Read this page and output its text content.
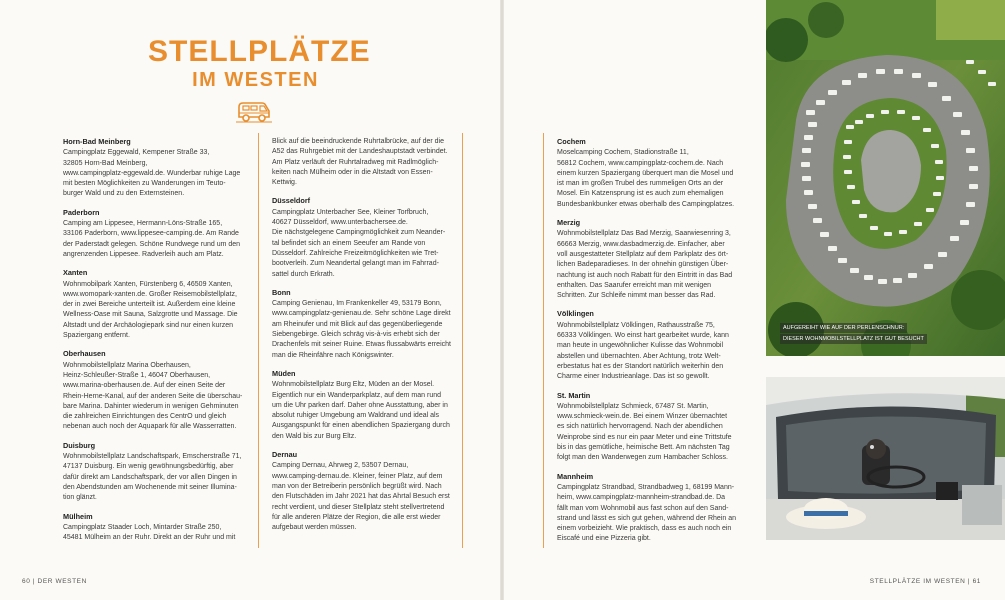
STELLPLÄTZE
IM WESTEN
Horn-Bad Meinberg

Campingplatz Eggewald, Kempener Straße 33,
32805 Horn-Bad Meinberg,
www.campingplatz-eggewald.de. Wunderbar ruhige Lage
mit besten Möglichkeiten zu Wanderungen im Teuto-
burger Wald und zu den Externsteinen.

Paderborn

Camping am Lippesee, Hermann-Löns-Straße 165,
33106 Paderborn, www.lippesee-camping.de. Am Rande
der Paderstadt gelegen. Schöne Rundwege rund um den
angrenzenden Lippesee. Radverleih auch am Platz.

Xanten

Wohnmobilpark Xanten, Fürstenberg 6, 46509 Xanten,
www.womopark-xanten.de. Großer Reisemobilstellplatz,
der in zwei Bereiche unterteilt ist. Außerdem eine kleine
Wellness-Oase mit Sauna, Salzgrotte und Massage. Die
Altstadt und der Archäologiepark sind nur einen kurzen
Spaziergang entfernt.

Oberhausen

Wohnmobilstellplatz Marina Oberhausen,
Heinz-Schleußer-Straße 1, 46047 Oberhausen,
www.marina-oberhausen.de. Auf der einen Seite der
Rhein-Herne-Kanal, auf der anderen Seite die überschau-
bare Marina. Dahinter wiederum in wenigen Gehminuten
die zahlreichen Einrichtungen des CentrO und gleich
nebenan auch noch der Aquapark für alle Wasserratten.

Duisburg

Wohnmobilstellplatz Landschaftspark, Emscherstraße 71,
47137 Duisburg. Ein wenig gewöhnungsbedürftig, aber
dafür direkt am Landschaftspark, der vor allen Dingen in
den Abendstunden am Wochenende mit seiner Illumina-
tion glänzt.

Mülheim

Campingplatz Staader Loch, Mintarder Straße 250,
45481 Mülheim an der Ruhr. Direkt an der Ruhr und mit

Blick auf die beeindruckende Ruhrtalbrücke, auf der die
A52 das Ruhrgebiet mit der Landeshauptstadt verbindet.
Am Platz verläuft der Ruhrtalradweg mit Radlmöglich-
keiten nach Mülheim oder in die Altstadt von Essen-
Kettwig.

Düsseldorf

Campingplatz Unterbacher See, Kleiner Torfbruch,
40627 Düsseldorf, www.unterbachersee.de.
Die nächstgelegene Campingmöglichkeit zum Neander-
tal befindet sich an einem Seeufer am Rande von
Düsseldorf. Zahlreiche Freizeitmöglichkeiten wie Tret-
bootverleih. Zum Neandertal gelangt man im Fahrrad-
sattel durch Erkrath.

Bonn

Camping Genienau, Im Frankenkeller 49, 53179 Bonn,
www.campingplatz-genienau.de. Sehr schöne Lage direkt
am Rheinufer und mit Blick auf das gegenüberliegende
Siebengebirge. Gleich schräg vis-à-vis erhebt sich der
Drachenfels mit seiner Ruine. Etwas flussabwärts erreicht
man die Rheinfähre nach Königswinter.

Müden

Wohnmobilstellplatz Burg Eltz, Müden an der Mosel.
Eigentlich nur ein Wanderparkplatz, auf dem man rund
um die Uhr parken darf. Daher ohne Ausstattung, aber in
absolut ruhiger Umgebung am Waldrand und ideal als
Ausgangspunkt für einen abendlichen Spaziergang durch
den Wald bis zur Burg Eltz.

Dernau

Camping Dernau, Ahrweg 2, 53507 Dernau,
www.camping-dernau.de. Kleiner, feiner Platz, auf dem
man von der Betreiberin persönlich begrüßt wird. Nach
den Flutschäden im Jahr 2021 hat das Ahrtal Besuch erst
recht verdient, und dieser Stellplatz steht stellvertretend
für alle anderen Plätze der Region, die alle erst wieder
aufgebaut werden müssen.

Cochem

Moselcamping Cochem, Stadionstraße 11,
56812 Cochem, www.campingplatz-cochem.de. Nach
einem kurzen Spaziergang überquert man die Mosel und
ist man im großen Trubel des rummeligen Orts an der
Mosel. Ein Katzensprung ist es auch zum ehemaligen
Bundesbankbunker etwas oberhalb des Campingplatzes.

Merzig

Wohnmobilstellplatz Das Bad Merzig, Saarwiesenring 3,
66663 Merzig, www.dasbadmerzig.de. Einfacher, aber
voll ausgestatteter Stellplatz auf dem Parkplatz des ört-
lichen Badeparadieses. In der ohnehin günstigen Über-
nachtung ist auch noch Rabatt für den Eintritt in das Bad
enthalten. Das Saarufer erreicht man mit wenigen
Schritten. Zur Schleife nimmt man besser das Rad.

Völklingen

Wohnmobilstellplatz Völklingen, Rathausstraße 75,
66333 Völklingen. Wo einst hart gearbeitet wurde, kann
man heute in ungewöhnlicher Kulisse das Wohnmobil
abstellen und übernachten. Aber Achtung, trotz Welt-
erbestatus hat es der Standort natürlich weiterhin den
Charme einer Industrieanlage. Das ist so gewollt.

St. Martin

Wohnmobilstellplatz Schmieck, 67487 St. Martin,
www.schmieck-wein.de. Bei einem Winzer übernachtet
es sich natürlich hervorragend. Nach der abendlichen
Weinprobe sind es nur ein paar Meter und eine Trittstufe
bis in das gemütliche, heimische Bett. Am nächsten Tag
folgt man den Wanderwegen zum Hambacher Schloss.

Mannheim

Campingplatz Strandbad, Strandbadweg 1, 68199 Mann-
heim, www.campingplatz-mannheim-strandbad.de. Da
fällt man vom Wohnmobil aus fast schon auf den Sand-
strand und lässt es sich gut gehen, während der Rhein an
einem vorbeizieht. Wie praktisch, dass es auch noch ein
Eiscafé und eine Pizzeria gibt.

AUFGEREIHT WIE AUF DER PERLENSCHNUR:
DIESER WOHNMOBILSTELLPLATZ IST GUT BESUCHT
60 | DER WESTEN	STELLPLÄTZE IM WESTEN | 61
